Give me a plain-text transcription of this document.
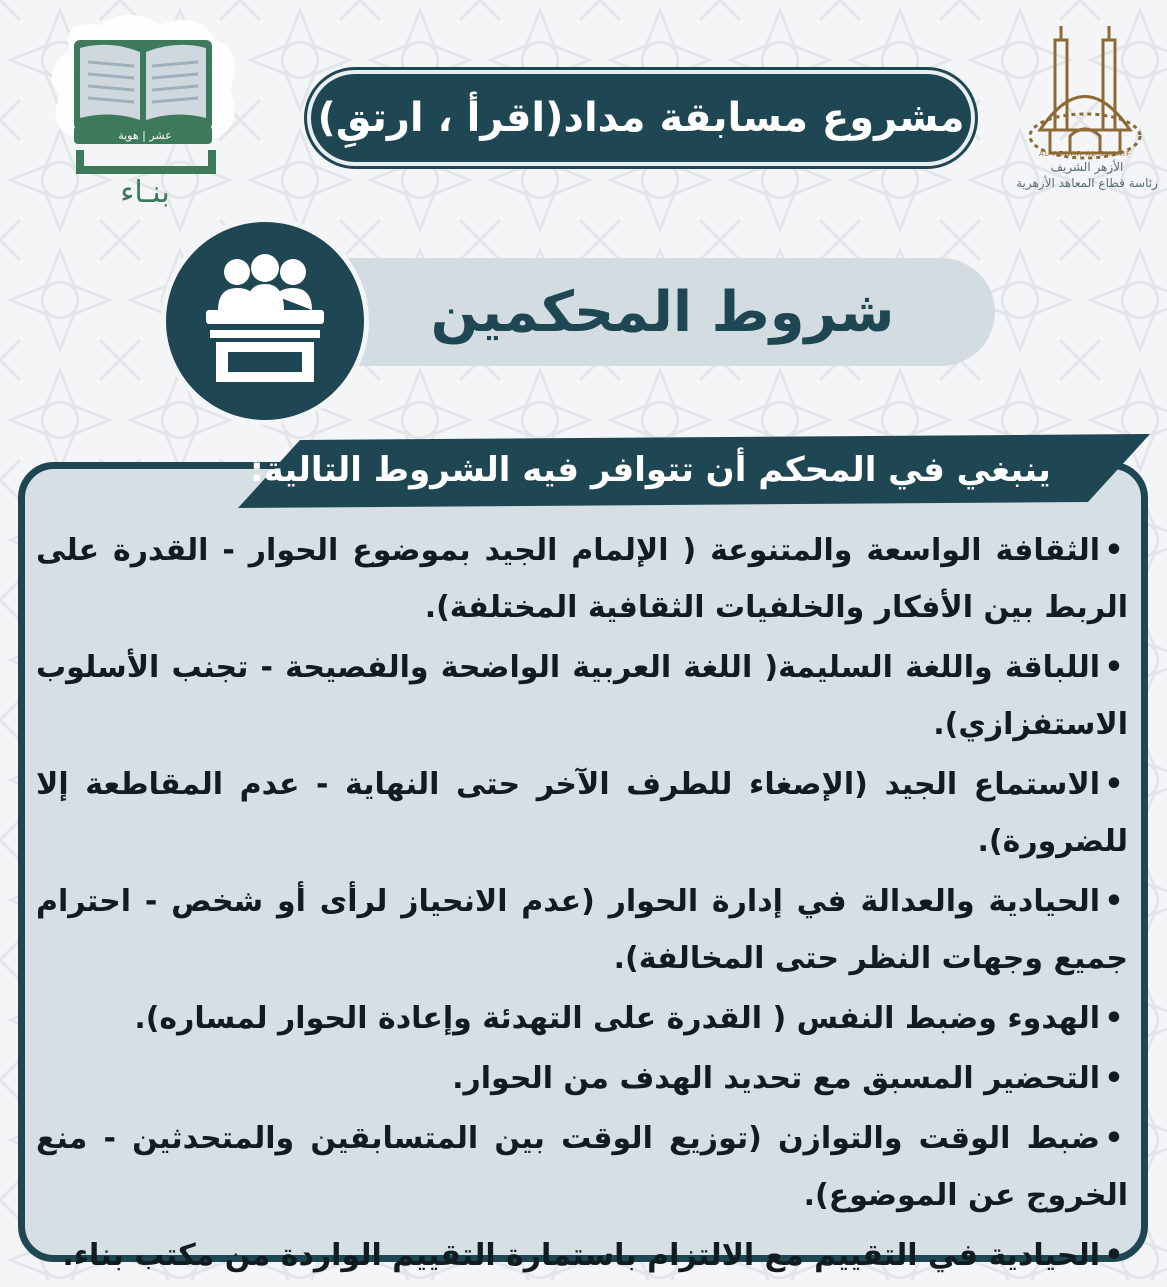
عشر | هوية
بنـاء
AL AZHAR AL SHARIF
الأزهر الشريف
رئاسة قطاع المعاهد الأزهرية
مشروع مسابقة مداد(اقرأ ، ارتقِ)
شروط المحكمين
ينبغي في المحكم أن تتوافر فيه الشروط التالية:
•الثقافة الواسعة والمتنوعة ( الإلمام الجيد بموضوع الحوار - القدرة على الربط بين الأفكار والخلفيات الثقافية المختلفة).
•اللباقة واللغة السليمة( اللغة العربية الواضحة والفصيحة - تجنب الأسلوب الاستفزازي).
•الاستماع الجيد (الإصغاء للطرف الآخر حتى النهاية - عدم المقاطعة إلا للضرورة).
•الحيادية والعدالة في إدارة الحوار (عدم الانحياز لرأى أو شخص - احترام جميع وجهات النظر حتى المخالفة).
•الهدوء وضبط النفس ( القدرة على التهدئة وإعادة الحوار لمساره).
•التحضير المسبق مع تحديد الهدف من الحوار.
•ضبط الوقت والتوازن (توزيع الوقت بين المتسابقين والمتحدثين - منع الخروج عن الموضوع).
•الحيادية في التقييم مع الالتزام باستمارة التقييم الواردة من مكتب بناء.
